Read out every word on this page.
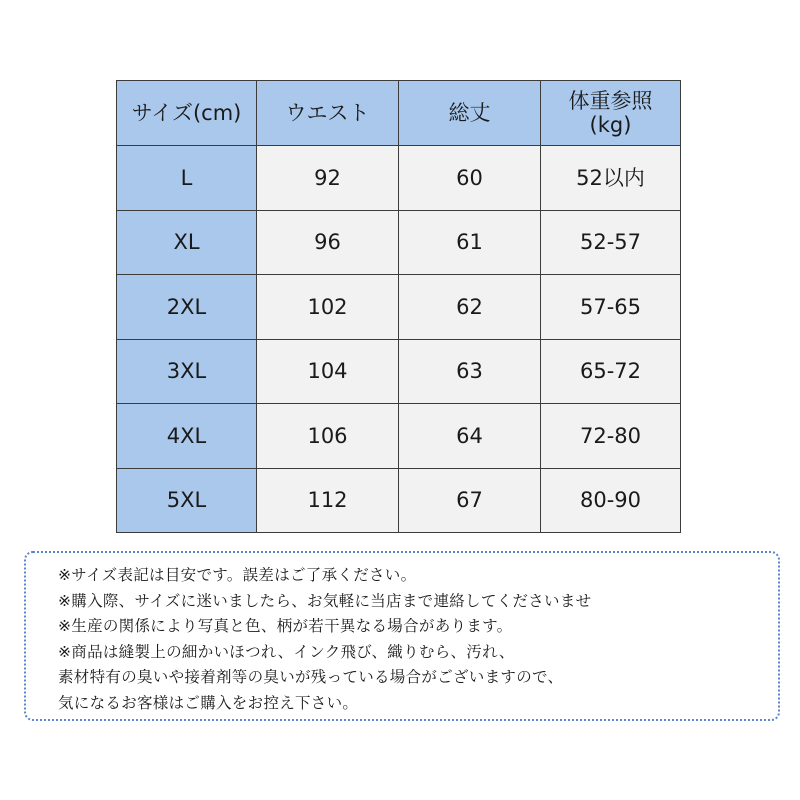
サイズ(cm)	ウエスト	総丈	体重参照
(kg)

L	92	60	52以内
XL	96	61	52-57
2XL	102	62	57-65
3XL	104	63	65-72
4XL	106	64	72-80
5XL	112	67	80-90
※サイズ表記は目安です。誤差はご了承ください。
※購入際、サイズに迷いましたら、お気軽に当店まで連絡してくださいませ
※生産の関係により写真と色、柄が若干異なる場合があります。
※商品は縫製上の細かいほつれ、インク飛び、織りむら、汚れ、
素材特有の臭いや接着剤等の臭いが残っている場合がございますので、
気になるお客様はご購入をお控え下さい。
